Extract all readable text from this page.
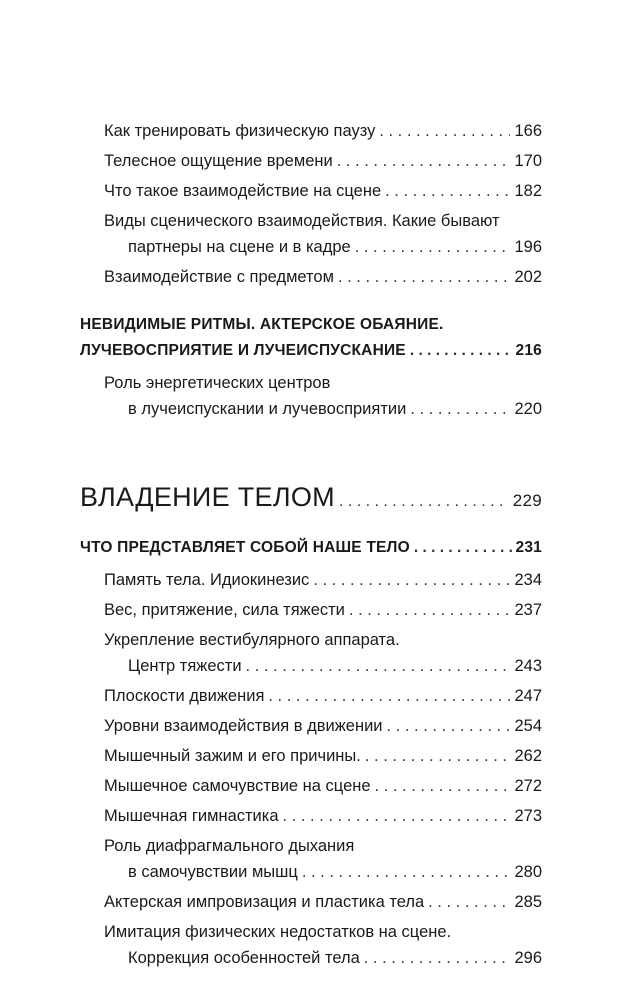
Как тренировать физическую паузу . . .	166
Телесное ощущение времени . . .	170
Что такое взаимодействие на сцене . . .	182
Виды сценического взаимодействия. Какие бывают
партнеры на сцене и в кадре . . .	196
Взаимодействие с предметом . . .	202
НЕВИДИМЫЕ РИТМЫ. АКТЕРСКОЕ ОБАЯНИЕ.
ЛУЧЕВОСПРИЯТИЕ И ЛУЧЕИСПУСКАНИЕ . . .	216
Роль энергетических центров
в лучеиспускании и лучевосприятии . . .	220
ВЛАДЕНИЕ ТЕЛОМ . . .	229
ЧТО ПРЕДСТАВЛЯЕТ СОБОЙ НАШЕ ТЕЛО . . .	231
Память тела. Идиокинезис . . .	234
Вес, притяжение, сила тяжести . . .	237
Укрепление вестибулярного аппарата.
Центр тяжести . . .	243
Плоскости движения . . .	247
Уровни взаимодействия в движении . . .	254
Мышечный зажим и его причины. . . .	262
Мышечное самочувствие на сцене . . .	272
Мышечная гимнастика . . .	273
Роль диафрагмального дыхания
в самочувствии мышц . . .	280
Актерская импровизация и пластика тела . . .	285
Имитация физических недостатков на сцене.
Коррекция особенностей тела . . .	296
